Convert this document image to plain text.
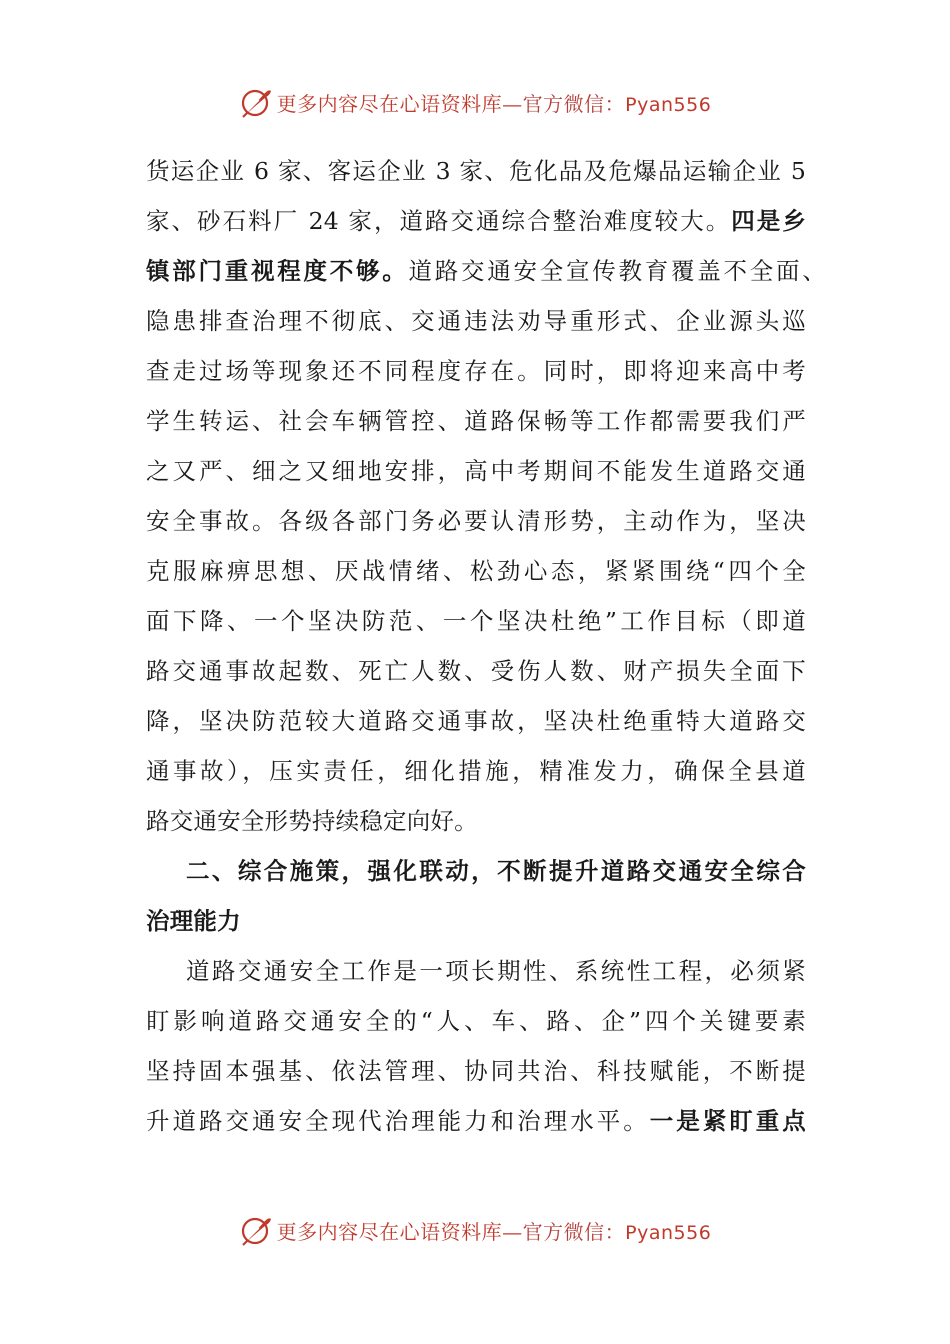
更多内容尽在心语资料库—官方微信：Pyan556
货运企业 6 家、客运企业 3 家、危化品及危爆品运输企业 5
家、砂石料厂 24 家，道路交通综合整治难度较大。四是乡
镇部门重视程度不够。道路交通安全宣传教育覆盖不全面、
隐患排查治理不彻底、交通违法劝导重形式、企业源头巡
查走过场等现象还不同程度存在。同时，即将迎来高中考
学生转运、社会车辆管控、道路保畅等工作都需要我们严
之又严、细之又细地安排，高中考期间不能发生道路交通
安全事故。各级各部门务必要认清形势，主动作为，坚决
克服麻痹思想、厌战情绪、松劲心态，紧紧围绕“四个全
面下降、一个坚决防范、一个坚决杜绝”工作目标（即道
路交通事故起数、死亡人数、受伤人数、财产损失全面下
降，坚决防范较大道路交通事故，坚决杜绝重特大道路交
通事故），压实责任，细化措施，精准发力，确保全县道
路交通安全形势持续稳定向好。
二、综合施策，强化联动，不断提升道路交通安全综合
治理能力
道路交通安全工作是一项长期性、系统性工程，必须紧
盯影响道路交通安全的“人、车、路、企”四个关键要素
坚持固本强基、依法管理、协同共治、科技赋能，不断提
升道路交通安全现代治理能力和治理水平。一是紧盯重点
更多内容尽在心语资料库—官方微信：Pyan556
